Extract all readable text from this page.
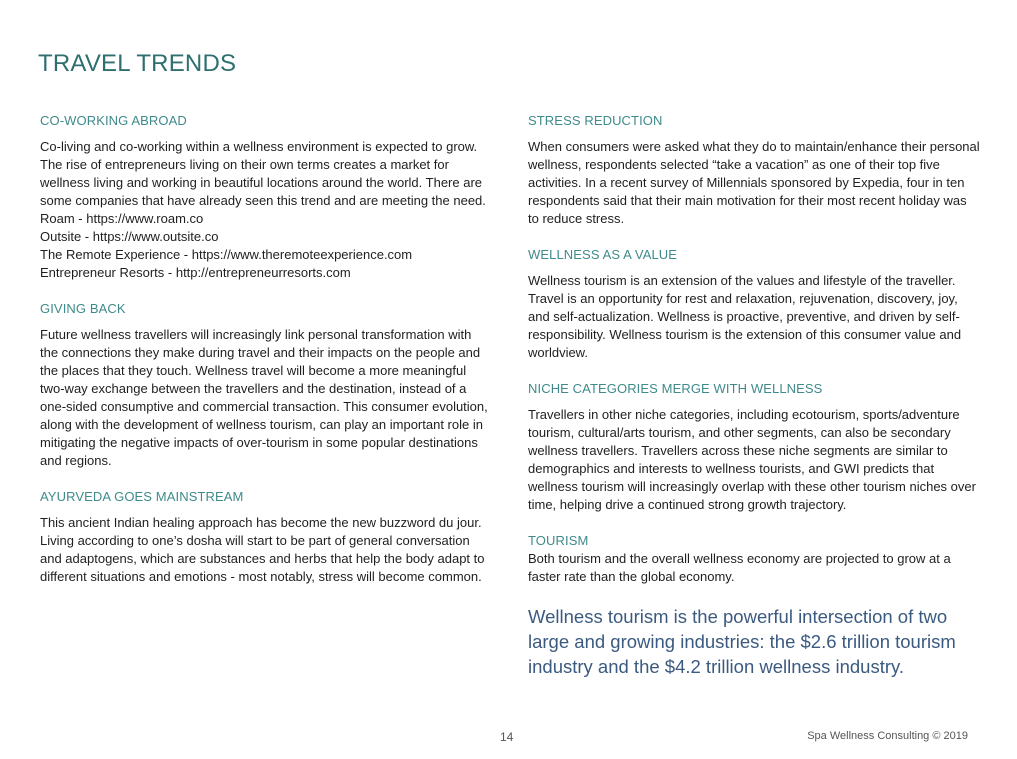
TRAVEL TRENDS
CO-WORKING ABROAD

Co-living and co-working within a wellness environment is expected to grow. The rise of entrepreneurs living on their own terms creates a market for wellness living and working in beautiful locations around the world. There are some companies that have already seen this trend and are meeting the need.

Roam - https://www.roam.co
Outsite - https://www.outsite.co
The Remote Experience - https://www.theremoteexperience.com
Entrepreneur Resorts - http://entrepreneurresorts.com
GIVING BACK

Future wellness travellers will increasingly link personal transformation with the connections they make during travel and their impacts on the people and the places that they touch. Wellness travel will become a more meaningful two-way exchange between the travellers and the destination, instead of a one-sided consumptive and commercial transaction. This consumer evolution, along with the development of wellness tourism, can play an important role in mitigating the negative impacts of over-tourism in some popular destinations and regions.

AYURVEDA GOES MAINSTREAM

This ancient Indian healing approach has become the new buzzword du jour. Living according to one’s dosha will start to be part of general conversation and adaptogens, which are substances and herbs that help the body adapt to different situations and emotions - most notably, stress will become common.

STRESS REDUCTION

When consumers were asked what they do to maintain/enhance their personal wellness, respondents selected “take a vacation” as one of their top five activities. In a recent survey of Millennials sponsored by Expedia, four in ten respondents said that their main motivation for their most recent holiday was to reduce stress.

WELLNESS AS A VALUE

Wellness tourism is an extension of the values and lifestyle of the traveller. Travel is an opportunity for rest and relaxation, rejuvenation, discovery, joy, and self-actualization. Wellness is proactive, preventive, and driven by self-responsibility. Wellness tourism is the extension of this consumer value and worldview.

NICHE CATEGORIES MERGE WITH WELLNESS

Travellers in other niche categories, including ecotourism, sports/adventure tourism, cultural/arts tourism, and other segments, can also be secondary wellness travellers. Travellers across these niche segments are similar to demographics and interests to wellness tourists, and GWI predicts that wellness tourism will increasingly overlap with these other tourism niches over time, helping drive a continued strong growth trajectory.

TOURISM

Both tourism and the overall wellness economy are projected to grow at a faster rate than the global economy.

Wellness tourism is the powerful intersection of two large and growing industries: the $2.6 trillion tourism industry and the $4.2 trillion wellness industry.

14	Spa Wellness Consulting © 2019
